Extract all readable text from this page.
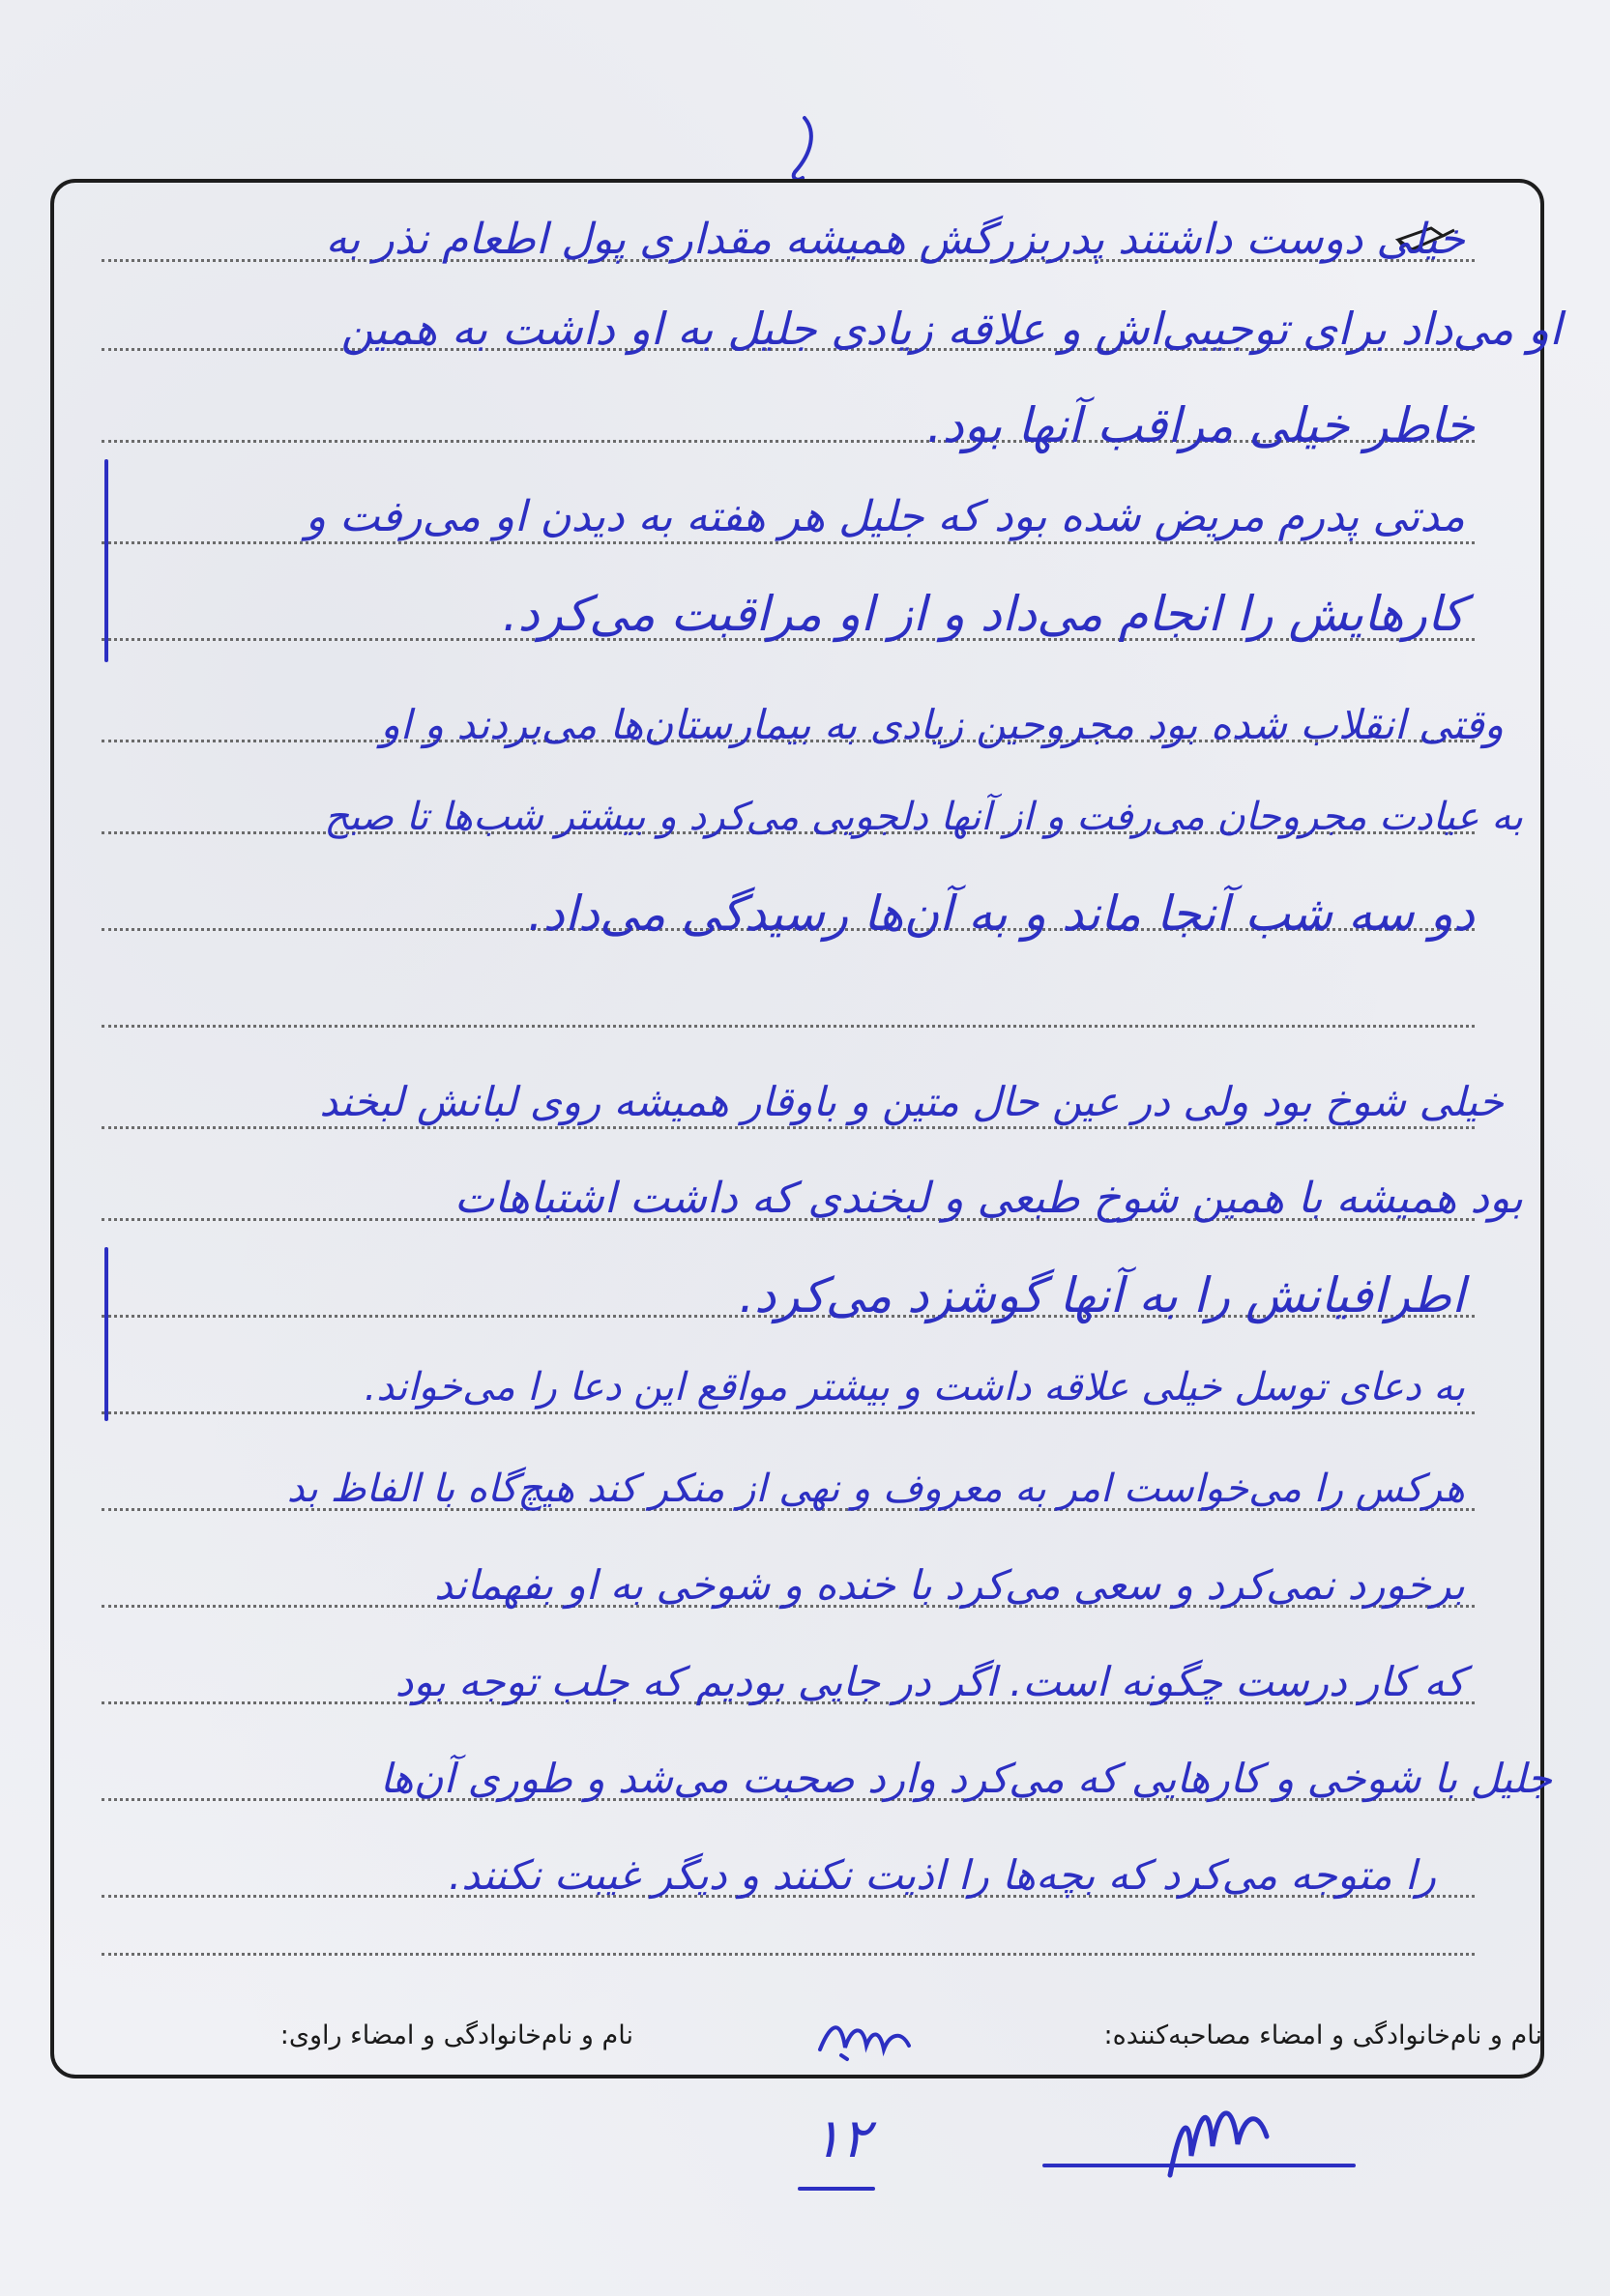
خیلی دوست داشتند پدربزرگش همیشه مقداری پول اطعام نذر به
او می‌داد برای توجیبی‌اش و علاقه زیادی جلیل به او داشت به همین
خاطر خیلی مراقب آنها بود.
مدتی پدرم مریض شده بود که جلیل هر هفته به دیدن او می‌رفت و
کارهایش را انجام می‌داد و از او مراقبت می‌کرد.
وقتی انقلاب شده بود مجروحین زیادی به بیمارستان‌ها می‌بردند و او
به عیادت مجروحان می‌رفت و از آنها دلجویی می‌کرد و بیشتر شب‌ها تا صبح
دو سه شب آنجا ماند و به آن‌ها رسیدگی می‌داد.
خیلی شوخ بود ولی در عین حال متین و باوقار همیشه روی لبانش لبخند
بود همیشه با همین شوخ طبعی و لبخندی که داشت اشتباهات
اطرافیانش را به آنها گوشزد می‌کرد.
به دعای توسل خیلی علاقه داشت و بیشتر مواقع این دعا را می‌خواند.
هرکس را می‌خواست امر به معروف و نهی از منکر کند هیچ‌گاه با الفاظ بد
برخورد نمی‌کرد و سعی می‌کرد با خنده و شوخی به او بفهماند
که کار درست چگونه است. اگر در جایی بودیم که جلب توجه بود
جلیل با شوخی و کارهایی که می‌کرد وارد صحبت می‌شد و طوری آن‌ها
را متوجه می‌کرد که بچه‌ها را اذیت نکنند و دیگر غیبت نکنند.
نام و نام‌خانوادگی و امضاء مصاحبه‌کننده:
نام و نام‌خانوادگی و امضاء راوی:
۱۲
